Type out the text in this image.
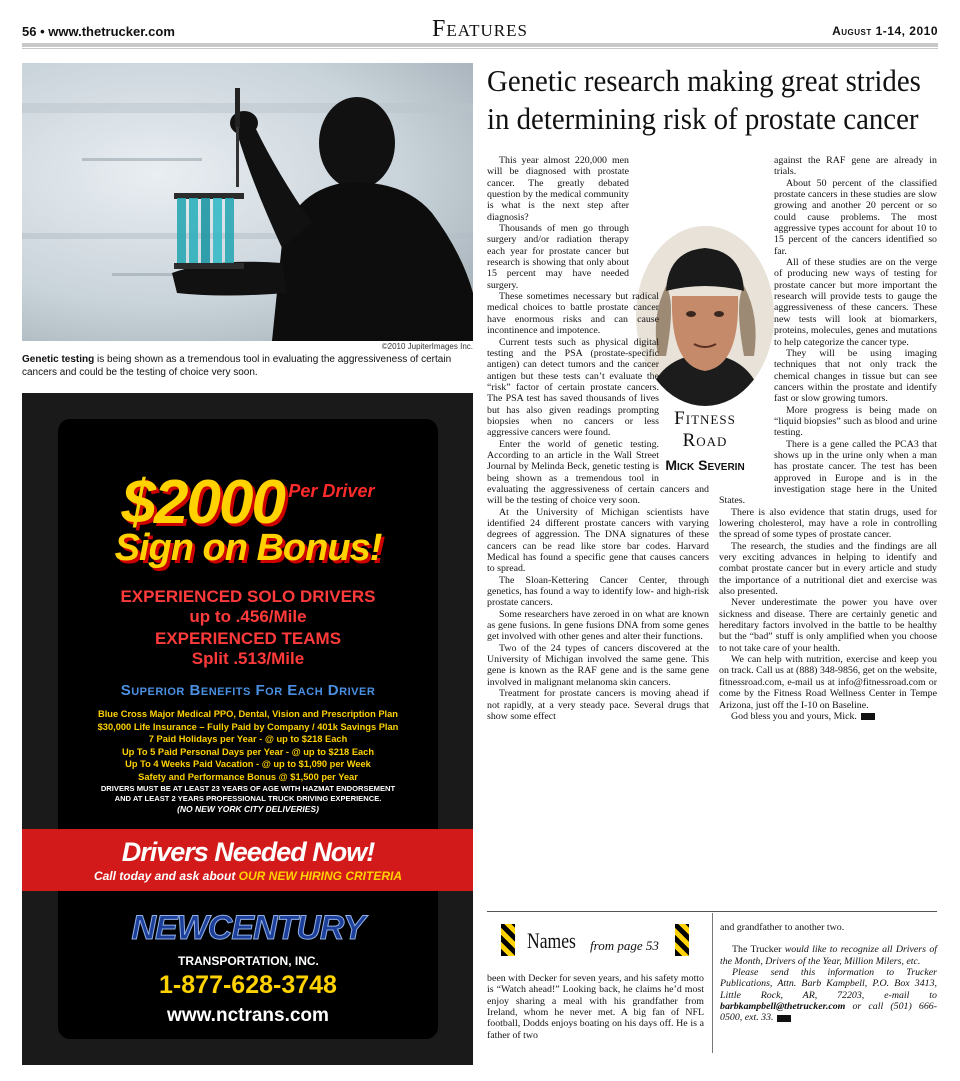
56 • www.thetrucker.com	Features	August 1-14, 2010
©2010 JupiterImages Inc.
Genetic testing is being shown as a tremendous tool in evaluating the aggressiveness of certain cancers and could be the testing of choice very soon.
$2000 Per Driver
Sign on Bonus!
EXPERIENCED SOLO DRIVERS
up to .456/Mile
EXPERIENCED TEAMS
Split .513/Mile
Superior Benefits For Each Driver
Blue Cross Major Medical PPO, Dental, Vision and Prescription Plan
$30,000 Life Insurance – Fully Paid by Company / 401k Savings Plan
7 Paid Holidays per Year - @ up to $218 Each
Up To 5 Paid Personal Days per Year - @ up to $218 Each
Up To 4 Weeks Paid Vacation - @ up to $1,090 per Week
Safety and Performance Bonus @ $1,500 per Year
DRIVERS MUST BE AT LEAST 23 YEARS OF AGE WITH HAZMAT ENDORSEMENT
AND AT LEAST 2 YEARS PROFESSIONAL TRUCK DRIVING EXPERIENCE.
(NO NEW YORK CITY DELIVERIES)
Drivers Needed Now!
Call today and ask about OUR NEW HIRING CRITERIA
NEWCENTURY
TRANSPORTATION, INC.
1-877-628-3748
www.nctrans.com
Genetic research making great strides
in determining risk of prostate cancer
Fitness
Road
Mick Severin

This year almost 220,000 men will be diagnosed with prostate cancer. The greatly debated question by the medical community is what is the next step after diagnosis?

Thousands of men go through surgery and/or radiation therapy each year for prostate cancer but research is showing that only about 15 percent may have needed surgery.

These sometimes necessary but radical medical choices to battle prostate cancer have enormous risks and can cause incontinence and impotence.

Current tests such as physical digital testing and the PSA (prostate-specific antigen) can detect tumors and the cancer antigen but these tests can’t evaluate the “risk” factor of certain prostate cancers. The PSA test has saved thousands of lives but has also given readings prompting biopsies when no cancers or less aggressive cancers were found.

Enter the world of genetic testing. According to an article in the Wall Street Journal by Melinda Beck, genetic testing is being shown as a tremendous tool in evaluating the aggressiveness of certain cancers and will be the testing of choice very soon.

At the University of Michigan scientists have identified 24 different prostate cancers with varying degrees of aggression. The DNA signatures of these cancers can be read like store bar codes. Harvard Medical has found a specific gene that causes cancers to spread.

The Sloan-Kettering Cancer Center, through genetics, has found a way to identify low- and high-risk prostate cancers.

Some researchers have zeroed in on what are known as gene fusions. In gene fusions DNA from some genes get involved with other genes and alter their functions.

Two of the 24 types of cancers discovered at the University of Michigan involved the same gene. This gene is known as the RAF gene and is the same gene involved in malignant melanoma skin cancers.

Treatment for prostate cancers is moving ahead if not rapidly, at a very steady pace. Several drugs that show some effect

against the RAF gene are already in trials.

About 50 percent of the classified prostate cancers in these studies are slow growing and another 20 percent or so could cause problems. The most aggressive types account for about 10 to 15 percent of the cancers identified so far.

All of these studies are on the verge of producing new ways of testing for prostate cancer but more important the research will provide tests to gauge the aggressiveness of these cancers. These new tests will look at biomarkers, proteins, molecules, genes and mutations to help categorize the cancer type.

They will be using imaging techniques that not only track the chemical changes in tissue but can see cancers within the prostate and identify fast or slow growing tumors.

More progress is being made on “liquid biopsies” such as blood and urine testing.

There is a gene called the PCA3 that shows up in the urine only when a man has prostate cancer. The test has been approved in Europe and is in the investigation stage here in the United States.

There is also evidence that statin drugs, used for lowering cholesterol, may have a role in controlling the spread of some types of prostate cancer.

The research, the studies and the findings are all very exciting advances in helping to identify and combat prostate cancer but in every article and study the importance of a nutritional diet and exercise was also presented.

Never underestimate the power you have over sickness and disease. There are certainly genetic and hereditary factors involved in the battle to be healthy but the “bad” stuff is only amplified when you choose to not take care of your health.

We can help with nutrition, exercise and keep you on track. Call us at (888) 348-9856, get on the website, fitnessroad.com, e-mail us at info@fitnessroad.com or come by the Fitness Road Wellness Center in Tempe Arizona, just off the I-10 on Baseline.

God bless you and yours, Mick.

Names from page 53
been with Decker for seven years, and his safety motto is “Watch ahead!” Looking back, he claims he’d most enjoy sharing a meal with his grandfather from Ireland, whom he never met. A big fan of NFL football, Dodds enjoys boating on his days off. He is a father of two
and grandfather to another two.
The Trucker would like to recognize all Drivers of the Month, Drivers of the Year, Million Milers, etc.
Please send this information to Trucker Publications, Attn. Barb Kampbell, P.O. Box 3413, Little Rock, AR, 72203, e-mail to barbkampbell@thetrucker.com or call (501) 666-0500, ext. 33.
